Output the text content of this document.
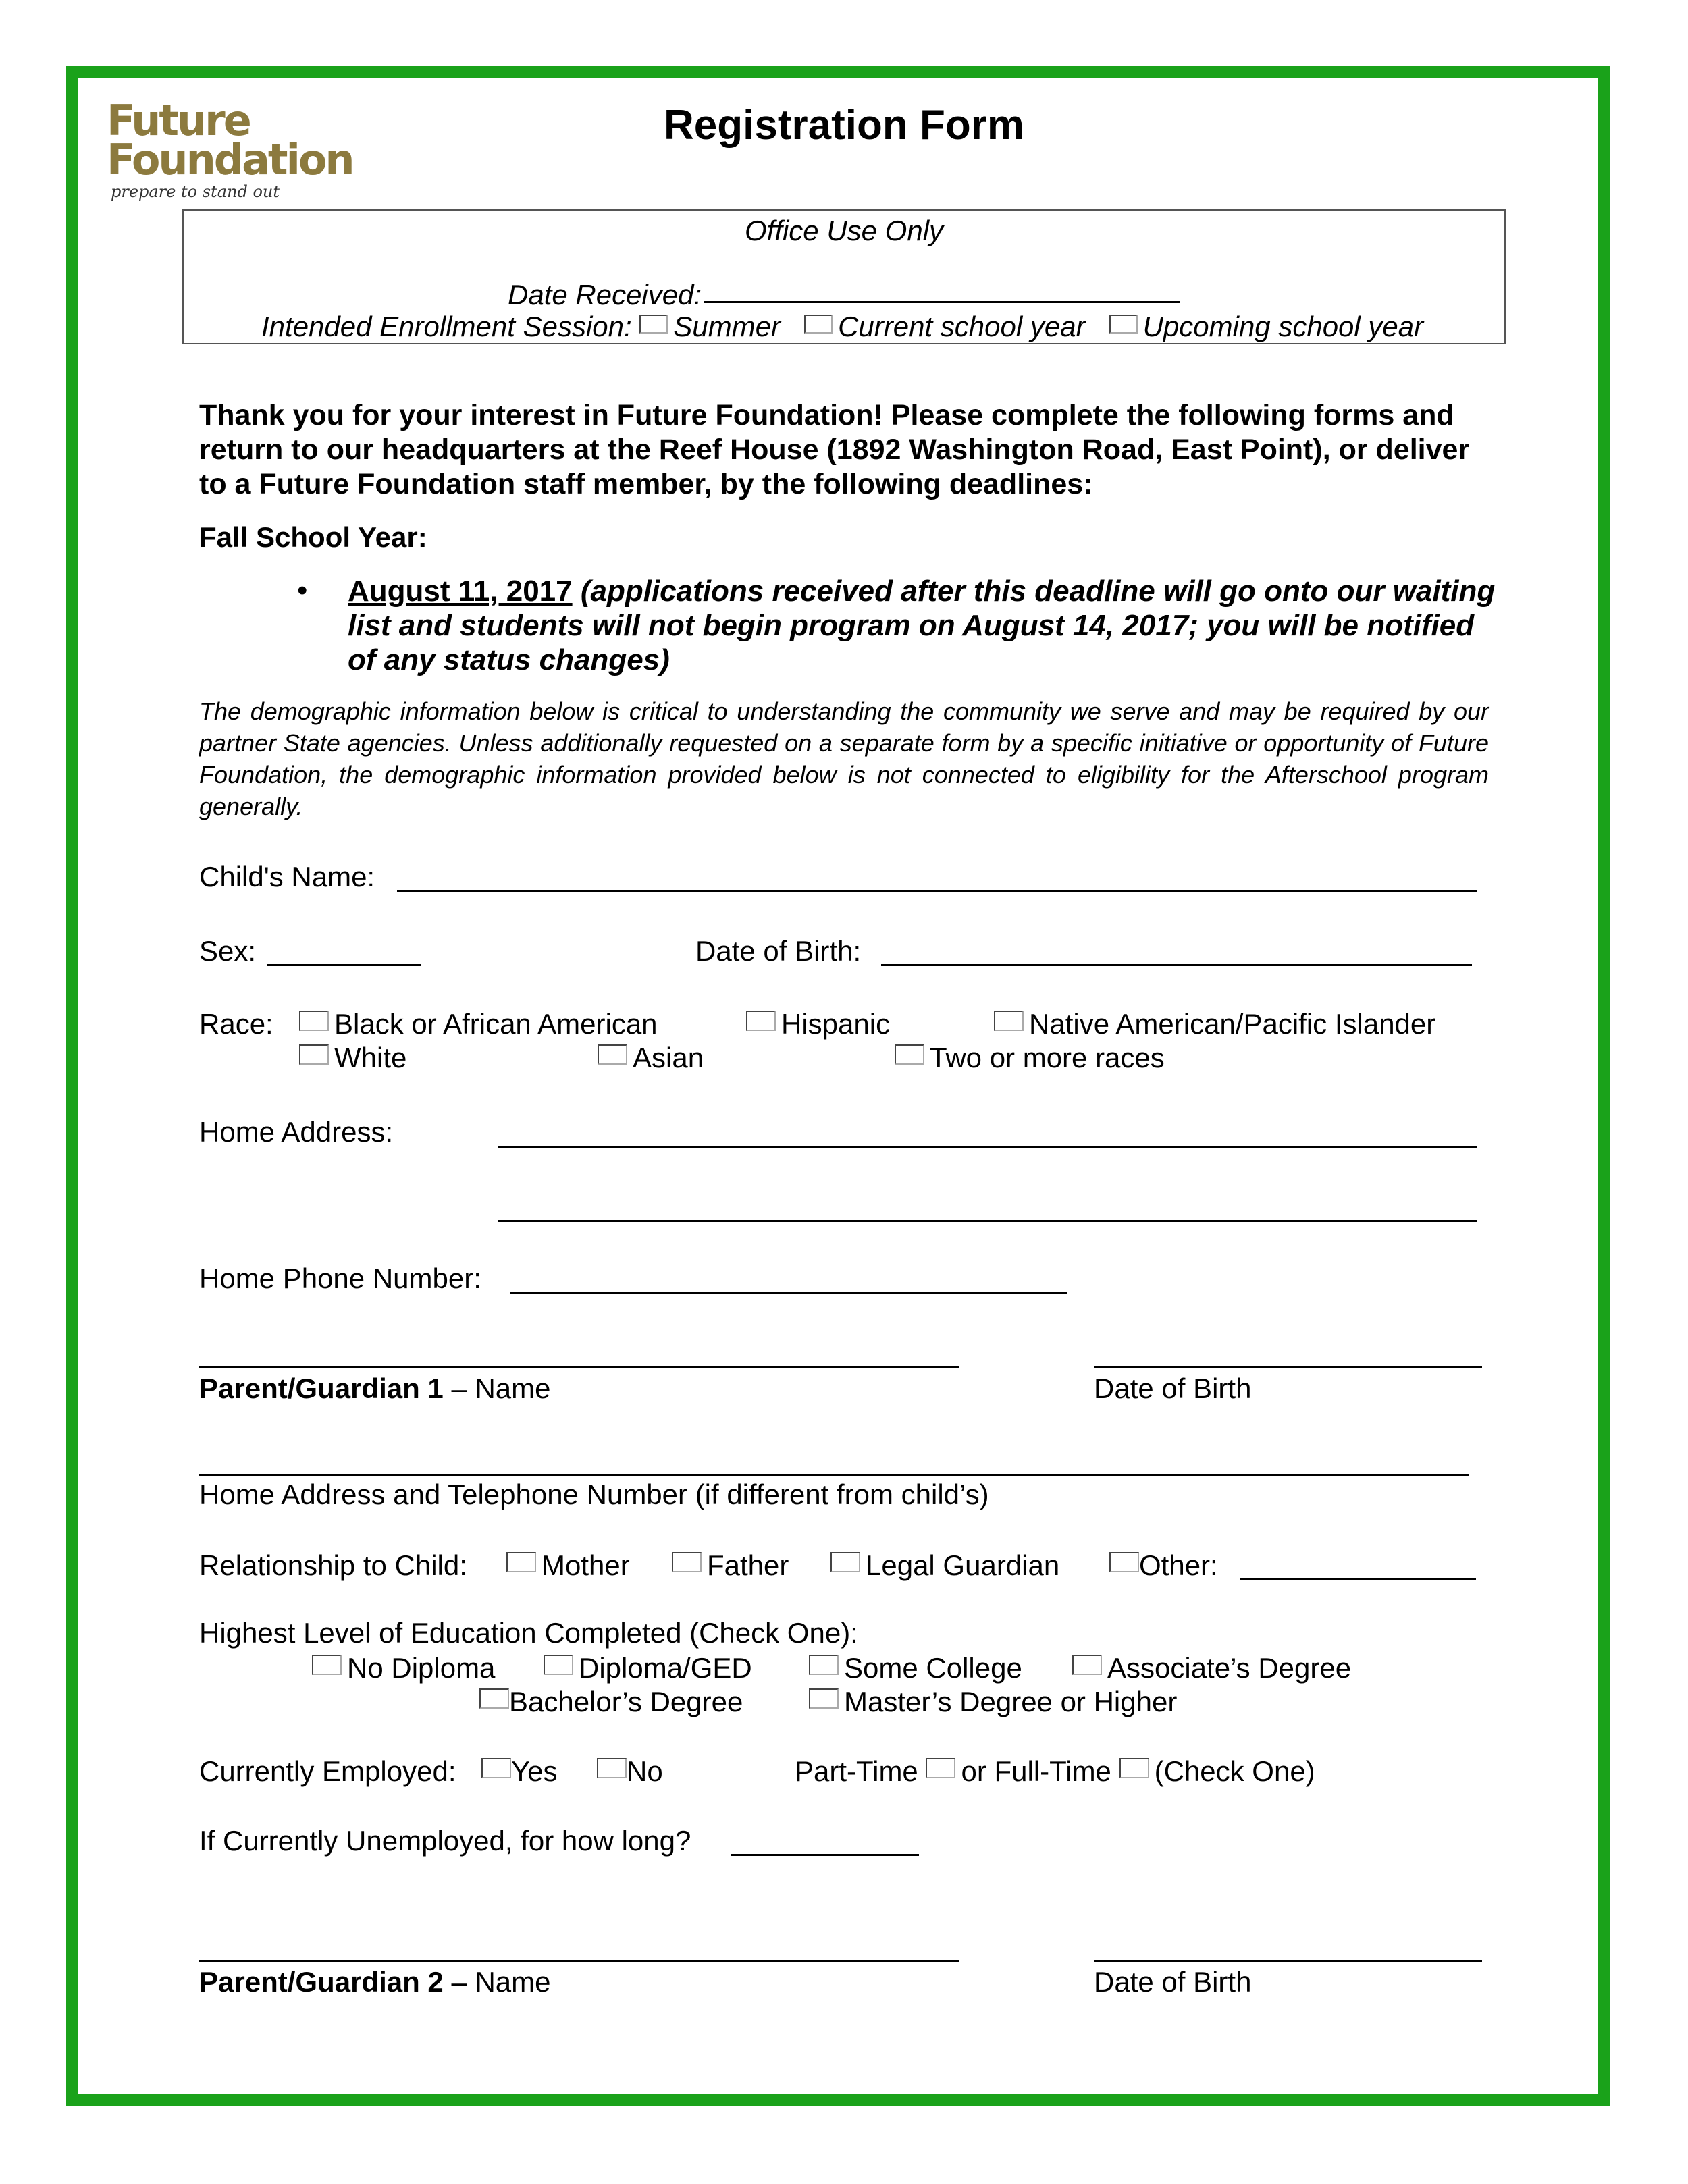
Future
Foundation
prepare to stand out
Registration Form
Office Use Only
Date Received:
Intended Enrollment Session: Summer Current school year Upcoming school year
Thank you for your interest in Future Foundation! Please complete the following forms and return to our headquarters at the Reef House (1892 Washington Road, East Point), or deliver to a Future Foundation staff member, by the following deadlines:
Fall School Year:
• August 11, 2017 (applications received after this deadline will go onto our waiting list and students will not begin program on August 14, 2017; you will be notified of any status changes)
The demographic information below is critical to understanding the community we serve and may be required by our partner State agencies. Unless additionally requested on a separate form by a specific initiative or opportunity of Future Foundation, the demographic information provided below is not connected to eligibility for the Afterschool program generally.
Child's Name:
Sex:	Date of Birth:
Race:	Black or African American	Hispanic	Native American/Pacific Islander
White	Asian	Two or more races
Home Address:
Home Phone Number:
Parent/Guardian 1 – Name	Date of Birth
Home Address and Telephone Number (if different from child’s)
Relationship to Child:	Mother	Father	Legal Guardian	Other:
Highest Level of Education Completed (Check One):
No Diploma	Diploma/GED	Some College	Associate’s Degree
Bachelor’s Degree	Master’s Degree or Higher
Currently Employed:	Yes	No	Part-Time or Full-Time (Check One)
If Currently Unemployed, for how long?
Parent/Guardian 2 – Name	Date of Birth
